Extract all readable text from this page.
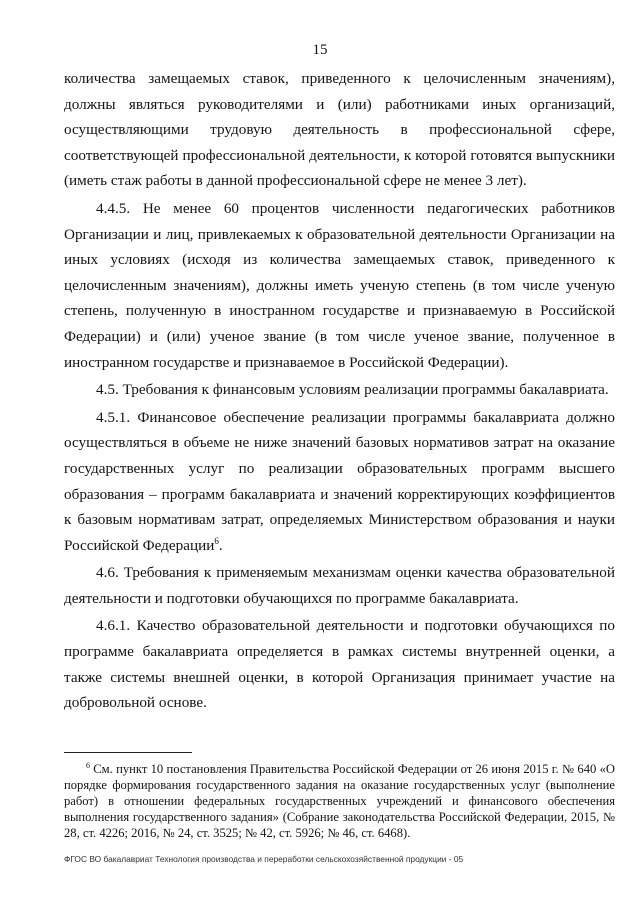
15

количества замещаемых ставок, приведенного к целочисленным значениям), должны являться руководителями и (или) работниками иных организаций, осуществляющими трудовую деятельность в профессиональной сфере, соответствующей профессиональной деятельности, к которой готовятся выпускники (иметь стаж работы в данной профессиональной сфере не менее 3 лет).

4.4.5. Не менее 60 процентов численности педагогических работников Организации и лиц, привлекаемых к образовательной деятельности Организации на иных условиях (исходя из количества замещаемых ставок, приведенного к целочисленным значениям), должны иметь ученую степень (в том числе ученую степень, полученную в иностранном государстве и признаваемую в Российской Федерации) и (или) ученое звание (в том числе ученое звание, полученное в иностранном государстве и признаваемое в Российской Федерации).

4.5. Требования к финансовым условиям реализации программы бакалавриата.

4.5.1. Финансовое обеспечение реализации программы бакалавриата должно осуществляться в объеме не ниже значений базовых нормативов затрат на оказание государственных услуг по реализации образовательных программ высшего образования – программ бакалавриата и значений корректирующих коэффициентов к базовым нормативам затрат, определяемых Министерством образования и науки Российской Федерации$^6$.

4.6. Требования к применяемым механизмам оценки качества образовательной деятельности и подготовки обучающихся по программе бакалавриата.

4.6.1. Качество образовательной деятельности и подготовки обучающихся по программе бакалавриата определяется в рамках системы внутренней оценки, а также системы внешней оценки, в которой Организация принимает участие на добровольной основе.

$^6$ См. пункт 10 постановления Правительства Российской Федерации от 26 июня 2015 г. № 640 «О порядке формирования государственного задания на оказание государственных услуг (выполнение работ) в отношении федеральных государственных учреждений и финансового обеспечения выполнения государственного задания» (Собрание законодательства Российской Федерации, 2015, № 28, ст. 4226; 2016, № 24, ст. 3525; № 42, ст. 5926; № 46, ст. 6468).

ФГОС ВО бакалавриат Технология производства и переработки сельскохозяйственной продукции - 05
